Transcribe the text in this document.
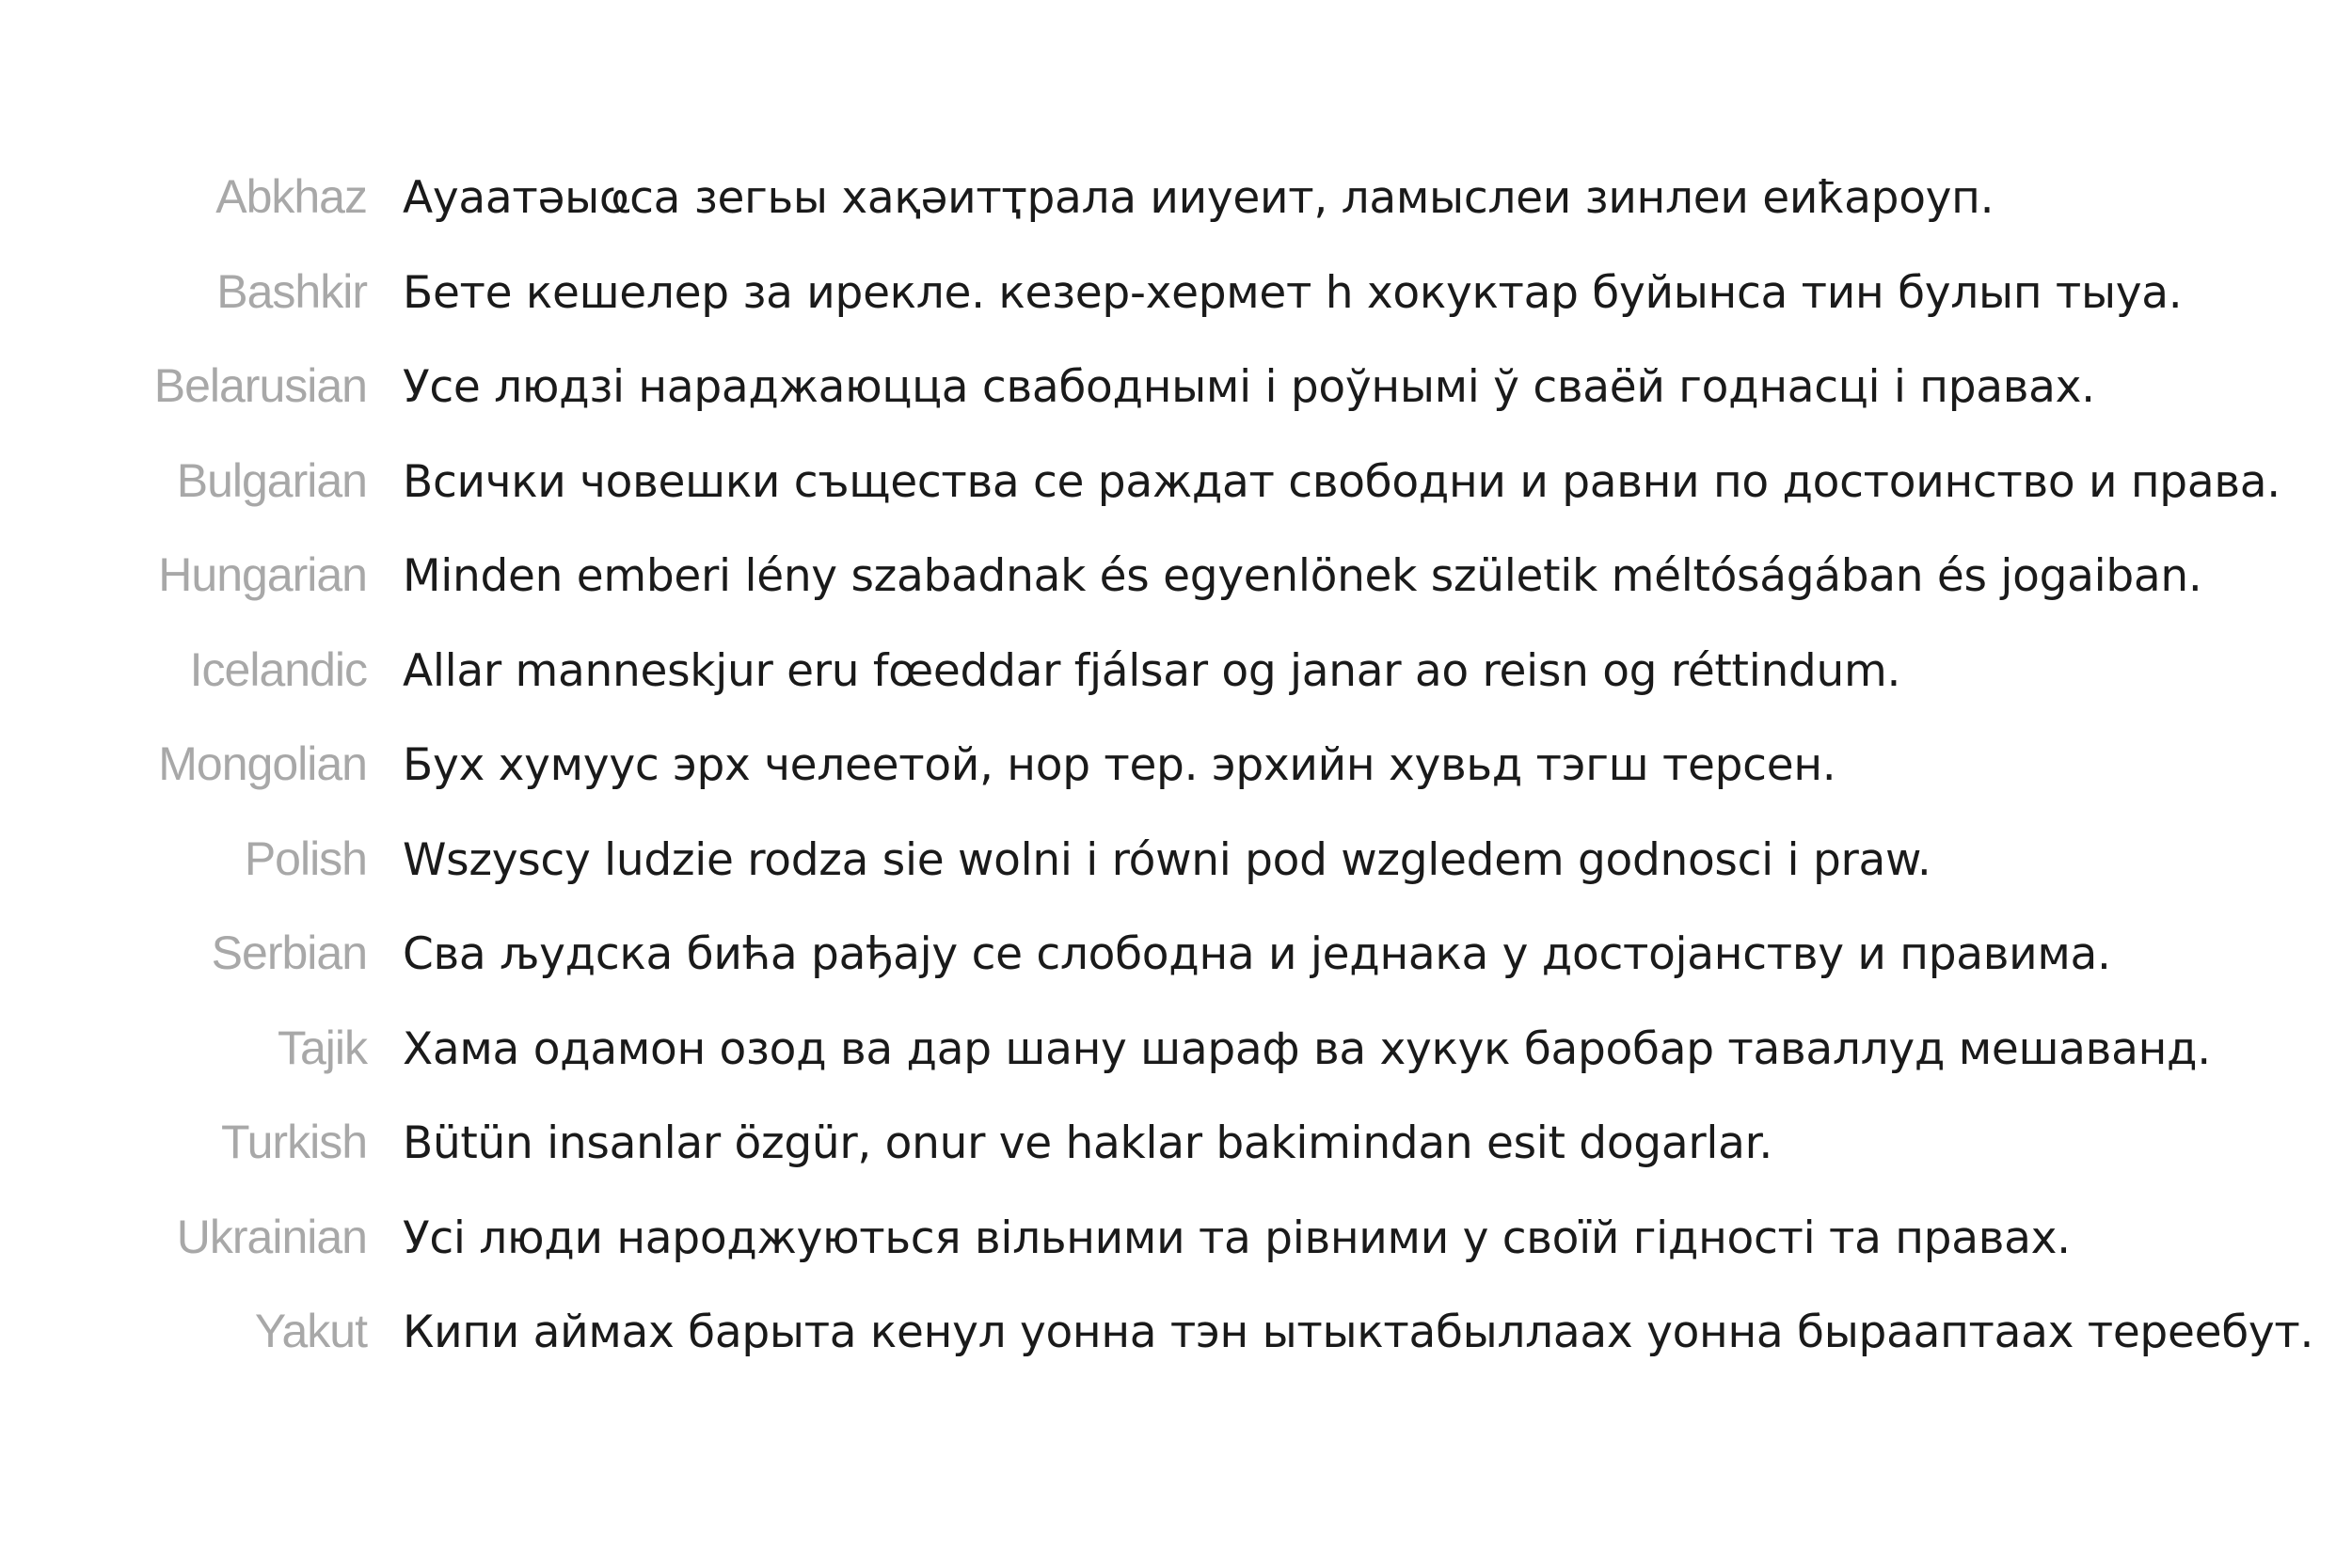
Abkhaz Ауаатәыҩса зегьы хақәитҭрала ииуеит, ламыслеи зинлеи еиҟароуп.
Bashkir Бете кешелер за ирекле. кезер-хермет h хокуктар буйынса тин булып тыуа.
Belarusian Усе людзі нараджаюцца свабоднымі і роўнымі ў сваёй годнасці і правах.
Bulgarian Всички човешки същества се раждат свободни и равни по достоинство и права.
Hungarian Minden emberi lény szabadnak és egyenlönek születik méltóságában és jogaiban.
Icelandic Allar manneskjur eru fœeddar fjálsar og janar ao reisn og réttindum.
Mongolian Бух хумуус эрх челеетой, нор тер. эрхийн хувьд тэгш терсен.
Polish Wszyscy ludzie rodza sie wolni i równi pod wzgledem godnosci i praw.
Serbian Сва људска бића рађају се слободна и једнака у достојанству и правима.
Tajik Хама одамон озод ва дар шану шараф ва хукук баробар таваллуд мешаванд.
Turkish Bütün insanlar özgür, onur ve haklar bakimindan esit dogarlar.
Ukrainian Усі люди народжуються вільними та рівними у своїй гідності та правах.
Yakut Кипи аймах барыта кенул уонна тэн ытыктабыллаах уонна быраaптаах тереебут.
